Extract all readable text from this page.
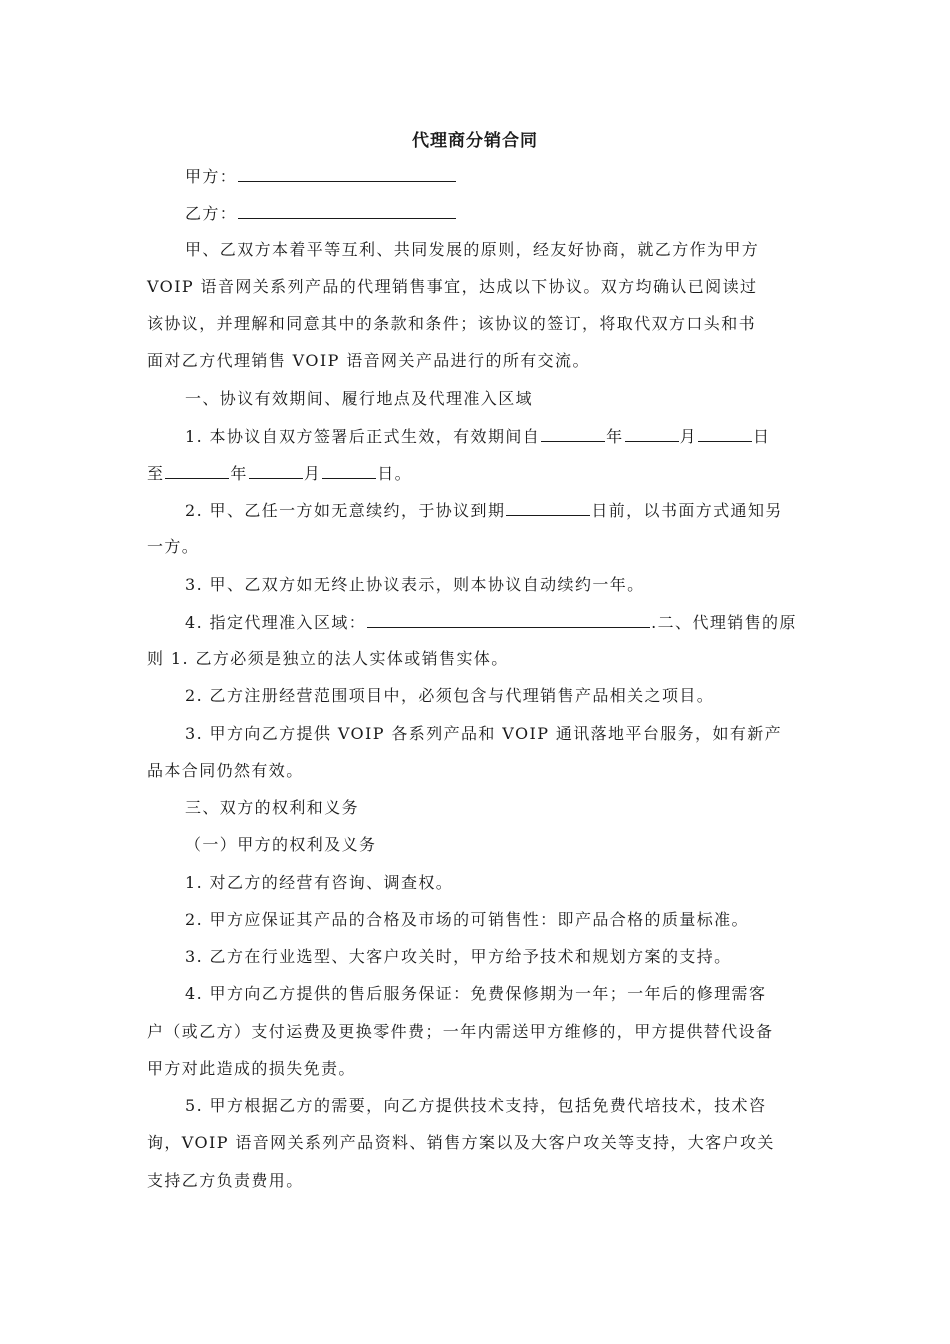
代理商分销合同
甲方：
乙方：
甲、乙双方本着平等互利、共同发展的原则，经友好协商，就乙方作为甲方
VOIP 语音网关系列产品的代理销售事宜，达成以下协议。双方均确认已阅读过
该协议，并理解和同意其中的条款和条件；该协议的签订，将取代双方口头和书
面对乙方代理销售 VOIP 语音网关产品进行的所有交流。
一、协议有效期间、履行地点及代理准入区域
1. 本协议自双方签署后正式生效，有效期间自	年	月	日
至	年	月	日。
2. 甲、乙任一方如无意续约，于协议到期	日前，以书面方式通知另
一方。
3. 甲、乙双方如无终止协议表示，则本协议自动续约一年。
4. 指定代理准入区域：	.二、代理销售的原
则 1. 乙方必须是独立的法人实体或销售实体。
2. 乙方注册经营范围项目中，必须包含与代理销售产品相关之项目。
3. 甲方向乙方提供 VOIP 各系列产品和 VOIP 通讯落地平台服务，如有新产
品本合同仍然有效。
三、双方的权利和义务
（一）甲方的权利及义务
1. 对乙方的经营有咨询、调查权。
2. 甲方应保证其产品的合格及市场的可销售性：即产品合格的质量标准。
3. 乙方在行业选型、大客户攻关时，甲方给予技术和规划方案的支持。
4. 甲方向乙方提供的售后服务保证：免费保修期为一年；一年后的修理需客
户（或乙方）支付运费及更换零件费；一年内需送甲方维修的，甲方提供替代设备
甲方对此造成的损失免责。
5. 甲方根据乙方的需要，向乙方提供技术支持，包括免费代培技术，技术咨
询，VOIP 语音网关系列产品资料、销售方案以及大客户攻关等支持，大客户攻关
支持乙方负责费用。
